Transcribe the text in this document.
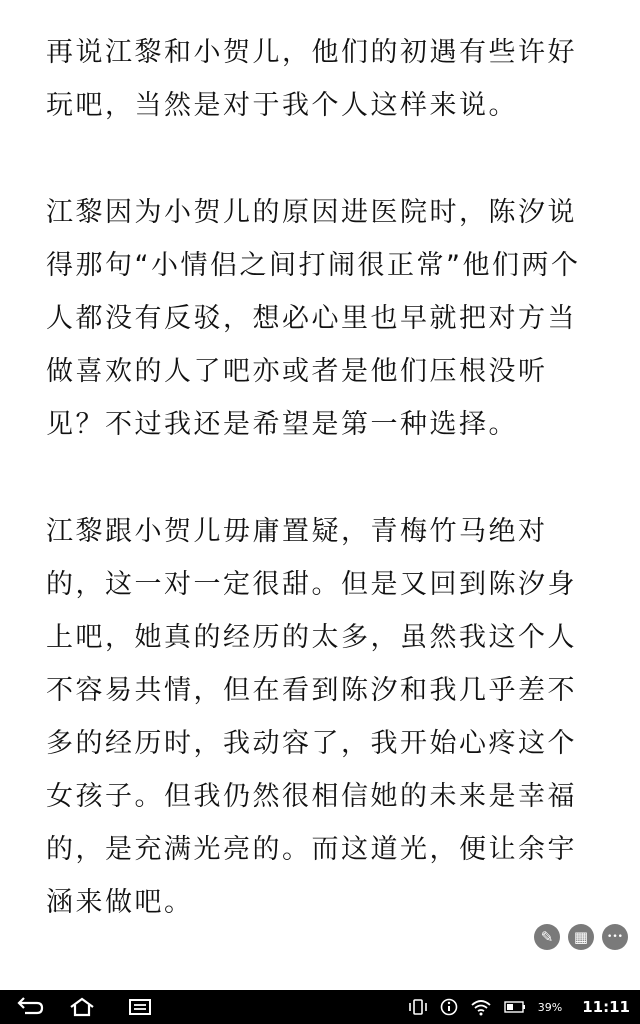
再说江黎和小贺儿，他们的初遇有些许好玩吧，当然是对于我个人这样来说。

江黎因为小贺儿的原因进医院时，陈汐说得那句“小情侣之间打闹很正常”他们两个人都没有反驳，想必心里也早就把对方当做喜欢的人了吧亦或者是他们压根没听见？不过我还是希望是第一种选择。

江黎跟小贺儿毋庸置疑，青梅竹马绝对的，这一对一定很甜。但是又回到陈汐身上吧，她真的经历的太多，虽然我这个人不容易共情，但在看到陈汐和我几乎差不多的经历时，我动容了，我开始心疼这个女孩子。但我仍然很相信她的未来是幸福的，是充满光亮的。而这道光，便让余宇涵来做吧。

✎	▦	•••
39% 11:11
